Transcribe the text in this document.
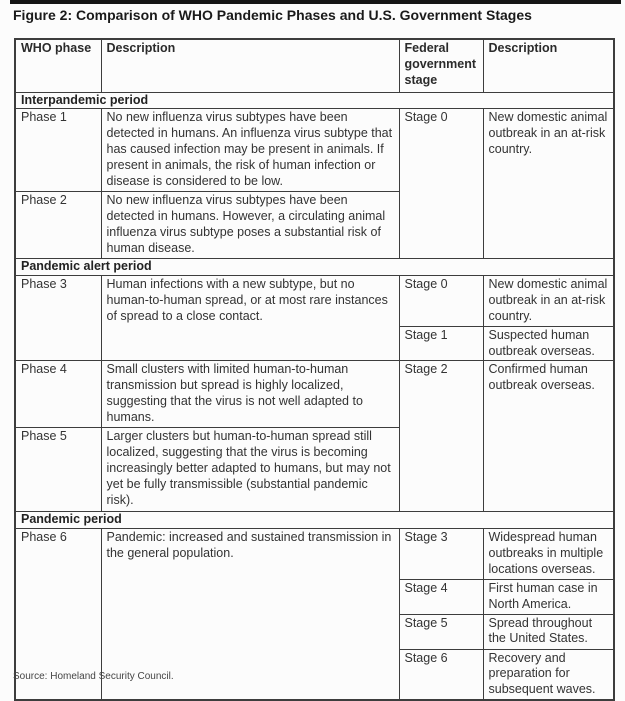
Figure 2: Comparison of WHO Pandemic Phases and U.S. Government Stages
WHO phase	Description	Federal government stage	Description
Interpandemic period			
Phase 1	No new influenza virus subtypes have been detected in humans. An influenza virus subtype that has caused infection may be present in animals. If present in animals, the risk of human infection or disease is considered to be low.	Stage 0	New domestic animal outbreak in an at-risk country.
Phase 2	No new influenza virus subtypes have been detected in humans. However, a circulating animal influenza virus subtype poses a substantial risk of human disease.		
Pandemic alert period			
Phase 3	Human infections with a new subtype, but no human-to-human spread, or at most rare instances of spread to a close contact.	Stage 0	New domestic animal outbreak in an at-risk country.
		Stage 1	Suspected human outbreak overseas.
Phase 4	Small clusters with limited human-to-human transmission but spread is highly localized, suggesting that the virus is not well adapted to humans.	Stage 2	Confirmed human outbreak overseas.
Phase 5	Larger clusters but human-to-human spread still localized, suggesting that the virus is becoming increasingly better adapted to humans, but may not yet be fully transmissible (substantial pandemic risk).		
Pandemic period			
Phase 6	Pandemic: increased and sustained transmission in the general population.	Stage 3	Widespread human outbreaks in multiple locations overseas.
		Stage 4	First human case in North America.
		Stage 5	Spread throughout the United States.
		Stage 6	Recovery and preparation for subsequent waves.
Source: Homeland Security Council.
